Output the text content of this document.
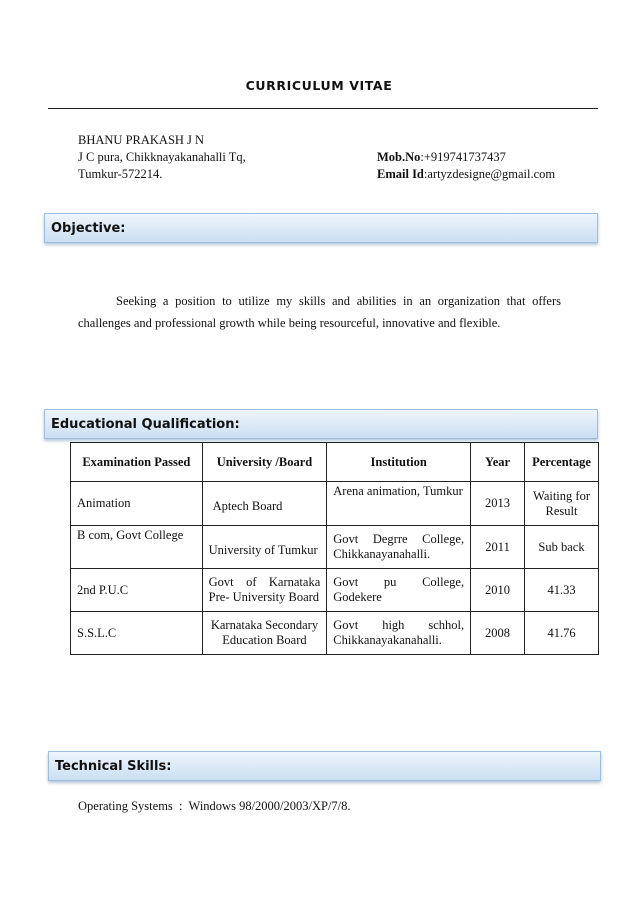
CURRICULUM VITAE
BHANU PRAKASH J N
J C pura, Chikknayakanahalli Tq,
Tumkur-572214.
Mob.No:+919741737437
Email Id:artyzdesigne@gmail.com
Objective:
Seeking a position to utilize my skills and abilities in an organization that offers challenges and professional growth while being resourceful, innovative and flexible.
Educational Qualification:
Examination Passed	University /Board	Institution	Year	Percentage
Animation	Aptech Board	Arena animation, Tumkur	2013	Waiting for Result
B com, Govt College	University of Tumkur	Govt Degrre College, Chikkanayanahalli.	2011	Sub back
2nd P.U.C	Govt of Karnataka Pre- University Board	Govt pu College, Godekere	2010	41.33
S.S.L.C	Karnataka Secondary Education Board	Govt high schhol, Chikkanayakanahalli.	2008	41.76
Technical Skills:
Operating Systems  :  Windows 98/2000/2003/XP/7/8.
